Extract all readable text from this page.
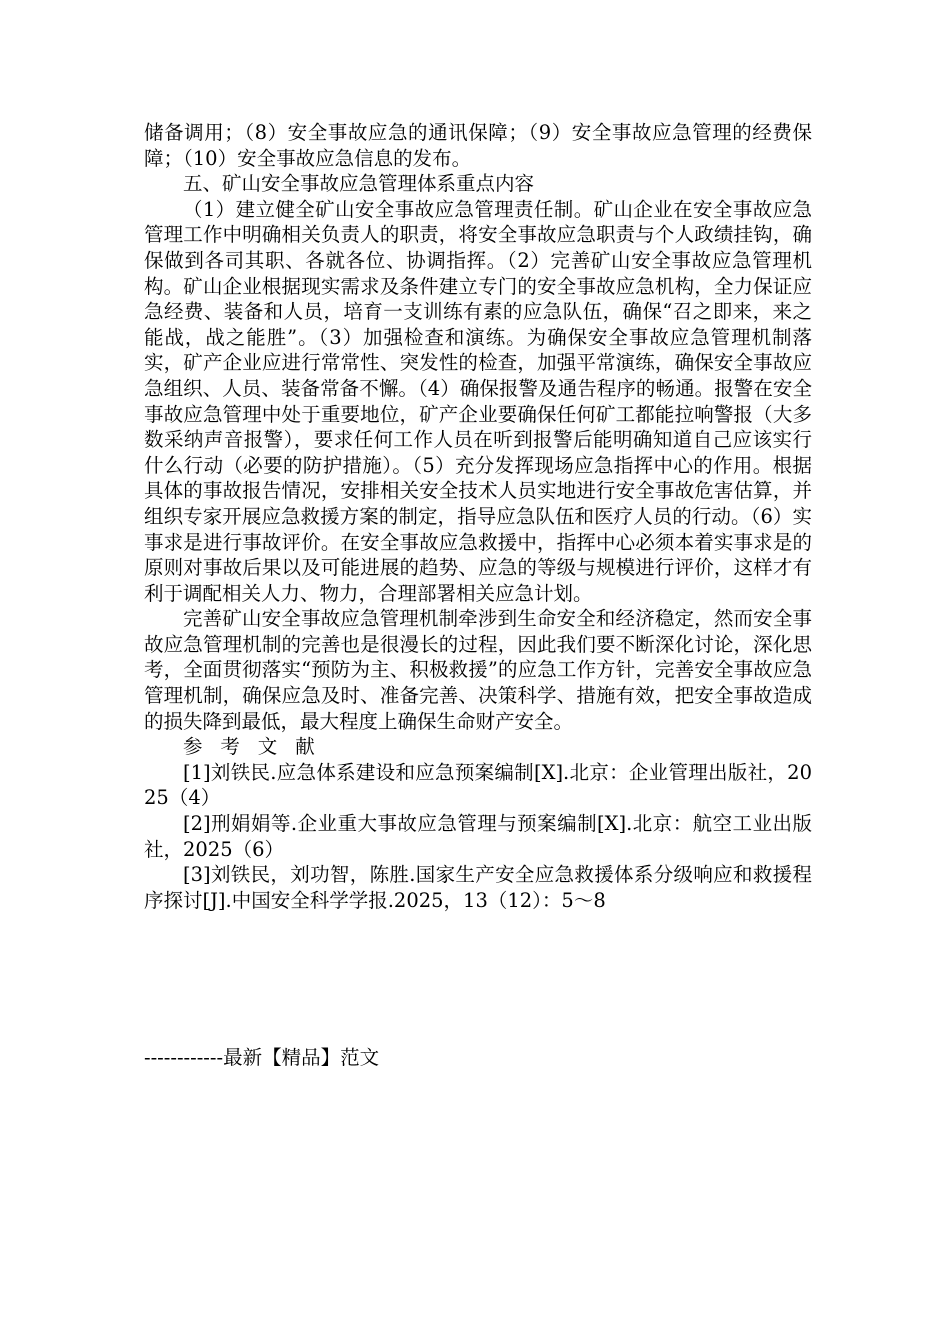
储备调用；（8）安全事故应急的通讯保障；（9）安全事故应急管理的经费保障；（10）安全事故应急信息的发布。

五、矿山安全事故应急管理体系重点内容

（1）建立健全矿山安全事故应急管理责任制。矿山企业在安全事故应急管理工作中明确相关负责人的职责，将安全事故应急职责与个人政绩挂钩，确保做到各司其职、各就各位、协调指挥。（2）完善矿山安全事故应急管理机构。矿山企业根据现实需求及条件建立专门的安全事故应急机构，全力保证应急经费、装备和人员，培育一支训练有素的应急队伍，确保“召之即来，来之能战，战之能胜”。（3）加强检查和演练。为确保安全事故应急管理机制落实，矿产企业应进行常常性、突发性的检查，加强平常演练，确保安全事故应急组织、人员、装备常备不懈。（4）确保报警及通告程序的畅通。报警在安全事故应急管理中处于重要地位，矿产企业要确保任何矿工都能拉响警报（大多数采纳声音报警），要求任何工作人员在听到报警后能明确知道自己应该实行什么行动（必要的防护措施）。（5）充分发挥现场应急指挥中心的作用。根据具体的事故报告情况，安排相关安全技术人员实地进行安全事故危害估算，并组织专家开展应急救援方案的制定，指导应急队伍和医疗人员的行动。（6）实事求是进行事故评价。在安全事故应急救援中，指挥中心必须本着实事求是的原则对事故后果以及可能进展的趋势、应急的等级与规模进行评价，这样才有利于调配相关人力、物力，合理部署相关应急计划。

完善矿山安全事故应急管理机制牵涉到生命安全和经济稳定，然而安全事故应急管理机制的完善也是很漫长的过程，因此我们要不断深化讨论，深化思考，全面贯彻落实“预防为主、积极救援”的应急工作方针，完善安全事故应急管理机制，确保应急及时、准备完善、决策科学、措施有效，把安全事故造成的损失降到最低，最大程度上确保生命财产安全。

参 考 文 献

[1]刘铁民.应急体系建设和应急预案编制[X].北京：企业管理出版社，2025（4）

[2]刑娟娟等.企业重大事故应急管理与预案编制[X].北京：航空工业出版社，2025（6）

[3]刘铁民，刘功智，陈胜.国家生产安全应急救援体系分级响应和救援程序探讨[J].中国安全科学学报.2025，13（12）：5～8

------------最新【精品】范文
